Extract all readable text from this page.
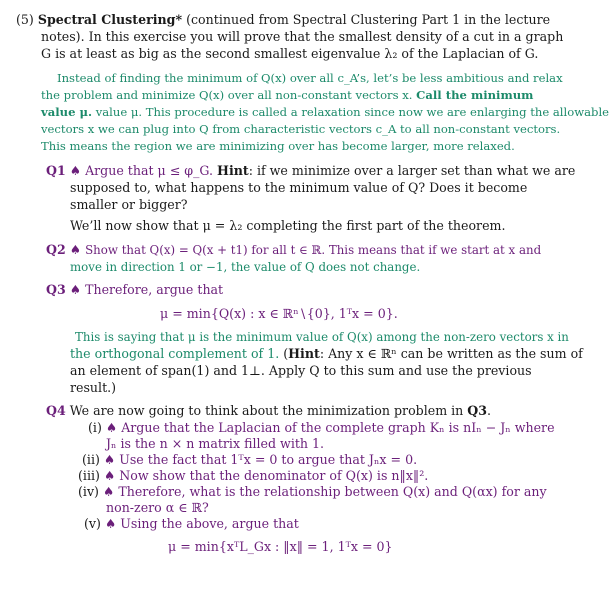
(5) Spectral Clustering* (continued from Spectral Clustering Part 1 in the lecture
notes). In this exercise you will prove that the smallest density of a cut in a graph
G is at least as big as the second smallest eigenvalue λ₂ of the Laplacian of G.
Instead of finding the minimum of Q(x) over all c_A’s, let’s be less ambitious and relax
the problem and minimize Q(x) over all non-constant vectors x. Call the minimum
value μ. value μ. This procedure is called a relaxation since now we are enlarging the allowable
vectors x we can plug into Q from characteristic vectors c_A to all non-constant vectors.
This means the region we are minimizing over has become larger, more relaxed.
Q1 ♠ Argue that μ ≤ φ_G. Hint: if we minimize over a larger set than what we are
supposed to, what happens to the minimum value of Q? Does it become
smaller or bigger?
We’ll now show that μ = λ₂ completing the first part of the theorem.
Q2 ♠ Show that Q(x) = Q(x + t1) for all t ∈ ℝ. This means that if we start at x and
move in direction 1 or −1, the value of Q does not change.
Q3 ♠ Therefore, argue that
μ = min{Q(x) : x ∈ ℝⁿ∖{0}, 1ᵀx = 0}.
This is saying that μ is the minimum value of Q(x) among the non-zero vectors x in
the orthogonal complement of 1. (Hint: Any x ∈ ℝⁿ can be written as the sum of
an element of span(1) and 1⊥. Apply Q to this sum and use the previous
result.)
Q4 We are now going to think about the minimization problem in Q3.
(i) ♠ Argue that the Laplacian of the complete graph Kₙ is nIₙ − Jₙ where
Jₙ is the n × n matrix filled with 1.
(ii) ♠ Use the fact that 1ᵀx = 0 to argue that Jₙx = 0.
(iii) ♠ Now show that the denominator of Q(x) is n‖x‖².
(iv) ♠ Therefore, what is the relationship between Q(x) and Q(αx) for any
non-zero α ∈ ℝ?
(v) ♠ Using the above, argue that
μ = min{xᵀL_Gx : ‖x‖ = 1, 1ᵀx = 0}
